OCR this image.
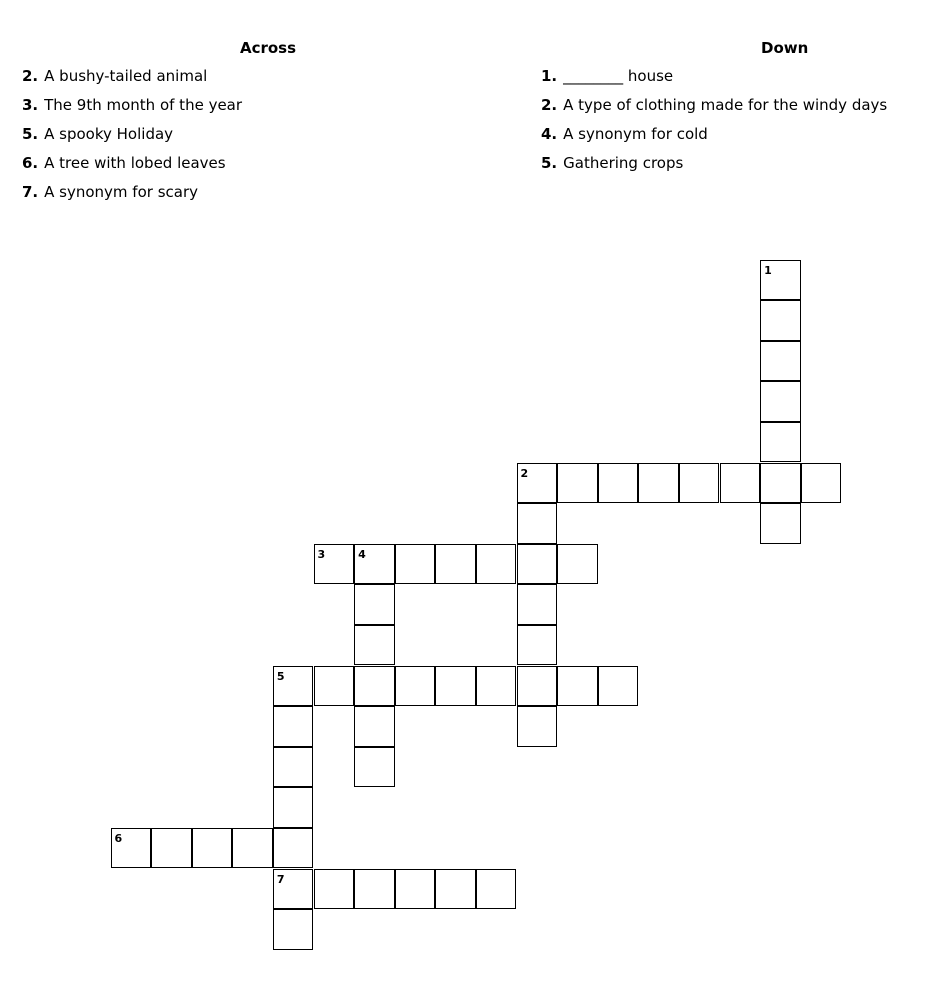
Across
2. A bushy-tailed animal
3. The 9th month of the year
5. A spooky Holiday
6. A tree with lobed leaves
7. A synonym for scary
Down
1. ________ house
2. A type of clothing made for the windy days
4. A synonym for cold
5. Gathering crops
1
2
3	4
5
7
6
